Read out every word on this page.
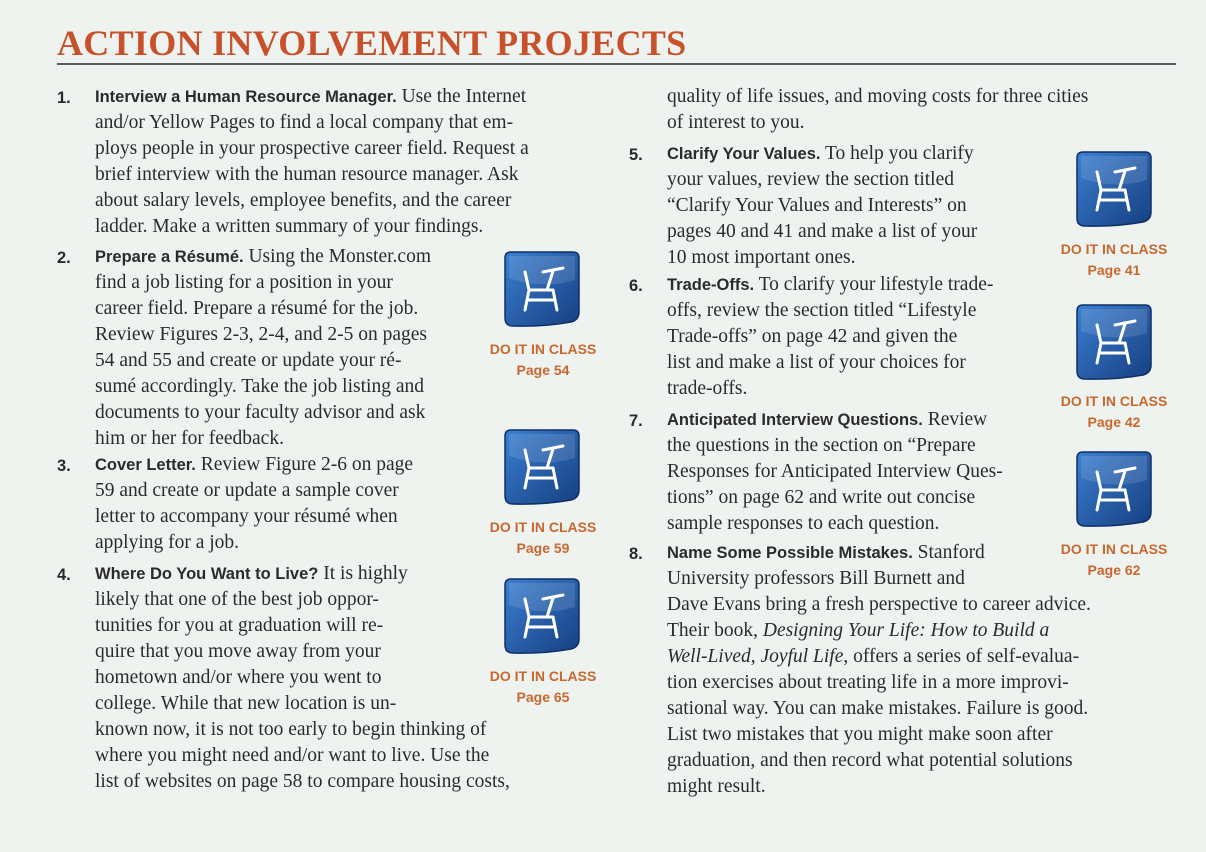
ACTION INVOLVEMENT PROJECTS
1.	Interview a Human Resource Manager. Use the Internet
and/or Yellow Pages to find a local company that em-
ploys people in your prospective career field. Request a
brief interview with the human resource manager. Ask
about salary levels, employee benefits, and the career
ladder. Make a written summary of your findings.
2.	Prepare a Résumé. Using the Monster.com
find a job listing for a position in your
career field. Prepare a résumé for the job.
Review Figures 2-3, 2-4, and 2-5 on pages
54 and 55 and create or update your ré-
sumé accordingly. Take the job listing and
documents to your faculty advisor and ask
him or her for feedback.
3.	Cover Letter. Review Figure 2-6 on page
59 and create or update a sample cover
letter to accompany your résumé when
applying for a job.
4.	Where Do You Want to Live? It is highly
likely that one of the best job oppor-
tunities for you at graduation will re-
quire that you move away from your
hometown and/or where you went to
college. While that new location is un-
known now, it is not too early to begin thinking of
where you might need and/or want to live. Use the
list of websites on page 58 to compare housing costs,
quality of life issues, and moving costs for three cities
of interest to you.
5.	Clarify Your Values. To help you clarify
your values, review the section titled
“Clarify Your Values and Interests” on
pages 40 and 41 and make a list of your
10 most important ones.
6.	Trade-Offs. To clarify your lifestyle trade-
offs, review the section titled “Lifestyle
Trade-offs” on page 42 and given the
list and make a list of your choices for
trade-offs.
7.	Anticipated Interview Questions. Review
the questions in the section on “Prepare
Responses for Anticipated Interview Ques-
tions” on page 62 and write out concise
sample responses to each question.
8.	Name Some Possible Mistakes. Stanford
University professors Bill Burnett and
Dave Evans bring a fresh perspective to career advice.
Their book, Designing Your Life: How to Build a
Well-Lived, Joyful Life, offers a series of self-evalua-
tion exercises about treating life in a more improvi-
sational way. You can make mistakes. Failure is good.
List two mistakes that you might make soon after
graduation, and then record what potential solutions
might result.
DO IT IN CLASS
Page 54
DO IT IN CLASS
Page 59
DO IT IN CLASS
Page 65
DO IT IN CLASS
Page 41
DO IT IN CLASS
Page 42
DO IT IN CLASS
Page 62
